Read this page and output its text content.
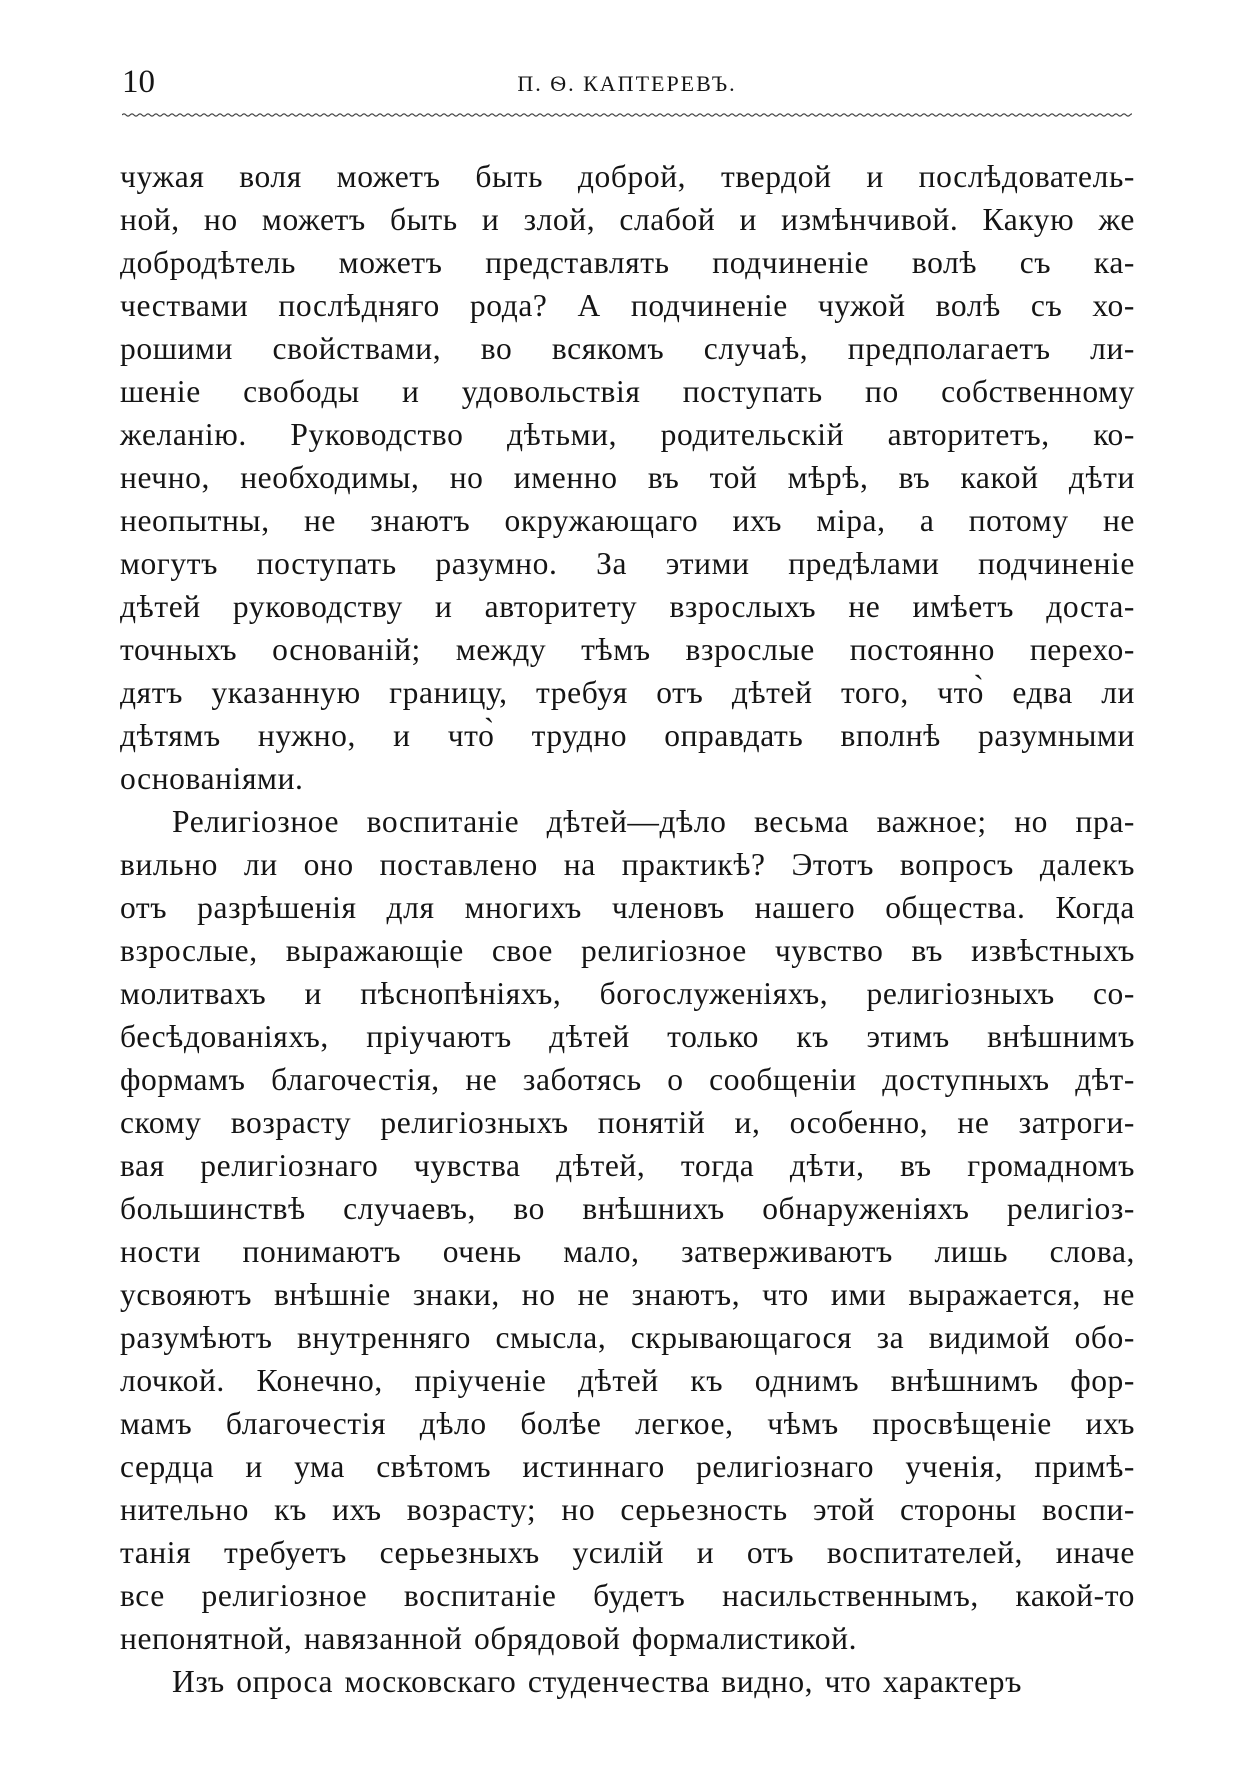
10	П. Ѳ. КАПТЕРЕВЪ.
чужая воля можетъ быть доброй, твердой и послѣдователь-
ной, но можетъ быть и злой, слабой и измѣнчивой. Какую же
добродѣтель можетъ представлять подчиненіе волѣ съ ка-
чествами послѣдняго рода? А подчиненіе чужой волѣ съ хо-
рошими свойствами, во всякомъ случаѣ, предполагаетъ ли-
шеніе свободы и удовольствія поступать по собственному
желанію. Руководство дѣтьми, родительскій авторитетъ, ко-
нечно, необходимы, но именно въ той мѣрѣ, въ какой дѣти
неопытны, не знаютъ окружающаго ихъ міра, а потому не
могутъ поступать разумно. За этими предѣлами подчиненіе
дѣтей руководству и авторитету взрослыхъ не имѣетъ доста-
точныхъ основаній; между тѣмъ взрослые постоянно перехо-
дятъ указанную границу, требуя отъ дѣтей того, что̀ едва ли
дѣтямъ нужно, и что̀ трудно оправдать вполнѣ разумными
основаніями.
Религіозное воспитаніе дѣтей—дѣло весьма важное; но пра-
вильно ли оно поставлено на практикѣ? Этотъ вопросъ далекъ
отъ разрѣшенія для многихъ членовъ нашего общества. Когда
взрослые, выражающіе свое религіозное чувство въ извѣстныхъ
молитвахъ и пѣснопѣніяхъ, богослуженіяхъ, религіозныхъ со-
бесѣдованіяхъ, пріучаютъ дѣтей только къ этимъ внѣшнимъ
формамъ благочестія, не заботясь о сообщеніи доступныхъ дѣт-
скому возрасту религіозныхъ понятій и, особенно, не затроги-
вая религіознаго чувства дѣтей, тогда дѣти, въ громадномъ
большинствѣ случаевъ, во внѣшнихъ обнаруженіяхъ религіоз-
ности понимаютъ очень мало, затверживаютъ лишь слова,
усвояютъ внѣшніе знаки, но не знаютъ, что ими выражается, не
разумѣютъ внутренняго смысла, скрывающагося за видимой обо-
лочкой. Конечно, пріученіе дѣтей къ однимъ внѣшнимъ фор-
мамъ благочестія дѣло болѣе легкое, чѣмъ просвѣщеніе ихъ
сердца и ума свѣтомъ истиннаго религіознаго ученія, примѣ-
нительно къ ихъ возрасту; но серьезность этой стороны воспи-
танія требуетъ серьезныхъ усилій и отъ воспитателей, иначе
все религіозное воспитаніе будетъ насильственнымъ, какой-то
непонятной, навязанной обрядовой формалистикой.
Изъ опроса московскаго студенчества видно, что характеръ
